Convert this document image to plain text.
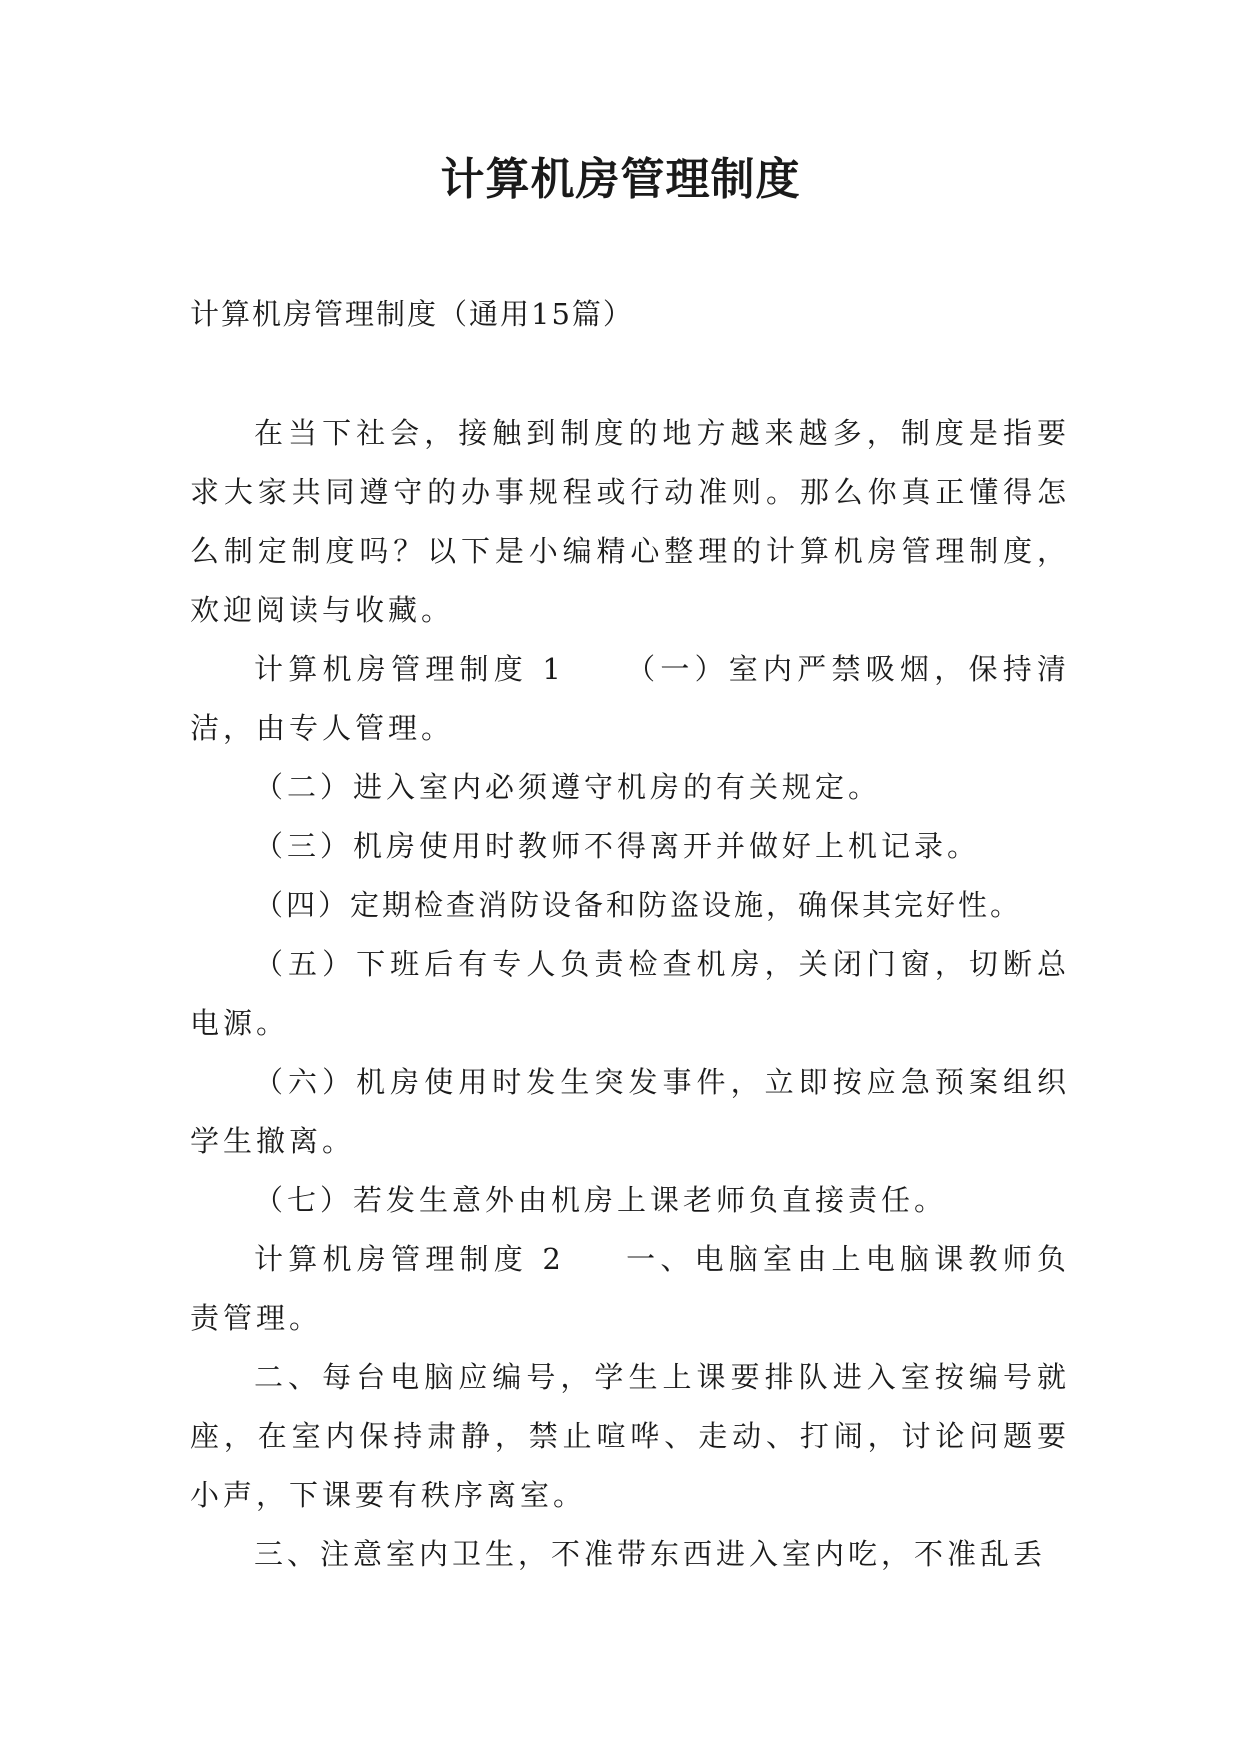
计算机房管理制度

计算机房管理制度（通用15篇）

在当下社会，接触到制度的地方越来越多，制度是指要求大家共同遵守的办事规程或行动准则。那么你真正懂得怎么制定制度吗？以下是小编精心整理的计算机房管理制度，欢迎阅读与收藏。

计算机房管理制度 1 （一）室内严禁吸烟，保持清洁，由专人管理。

（二）进入室内必须遵守机房的有关规定。

（三）机房使用时教师不得离开并做好上机记录。

（四）定期检查消防设备和防盗设施，确保其完好性。

（五）下班后有专人负责检查机房，关闭门窗，切断总电源。

（六）机房使用时发生突发事件，立即按应急预案组织学生撤离。

（七）若发生意外由机房上课老师负直接责任。

计算机房管理制度 2 一、电脑室由上电脑课教师负责管理。

二、每台电脑应编号，学生上课要排队进入室按编号就座，在室内保持肃静，禁止喧哗、走动、打闹，讨论问题要小声，下课要有秩序离室。

三、注意室内卫生，不准带东西进入室内吃，不准乱丢
